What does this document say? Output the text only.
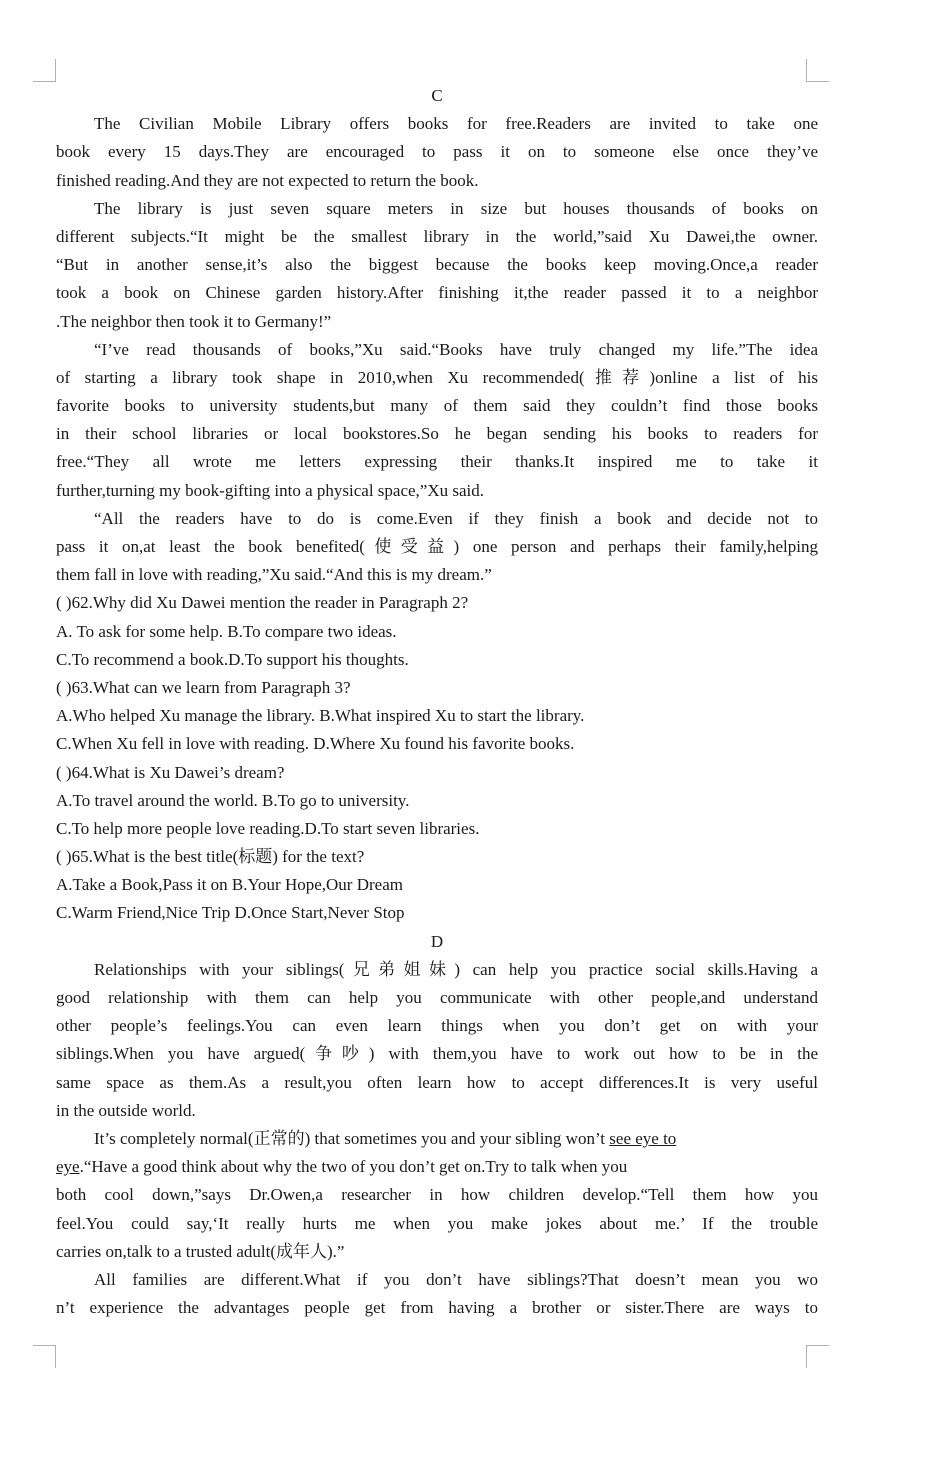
C
The Civilian Mobile Library offers books for free.Readers are invited to take one
book every 15 days.They are encouraged to pass it on to someone else once they’ve
finished reading.And they are not expected to return the book.
The library is just seven square meters in size but houses thousands of books on
different subjects.“It might be the smallest library in the world,”said Xu Dawei,the owner.
“But in another sense,it’s also the biggest because the books keep moving.Once,a reader
took a book on Chinese garden history.After finishing it,the reader passed it to a neighbor
.The neighbor then took it to Germany!”
“I’ve read thousands of books,”Xu said.“Books have truly changed my life.”The idea
of starting a library took shape in 2010,when Xu recommended(推荐)online a list of his
favorite books to university students,but many of them said they couldn’t find those books
in their school libraries or local bookstores.So he began sending his books to readers for
free.“They all wrote me letters expressing their thanks.It inspired me to take it
further,turning my book-gifting into a physical space,”Xu said.
“All the readers have to do is come.Even if they finish a book and decide not to
pass it on,at least the book benefited(使受益) one person and perhaps their family,helping
them fall in love with reading,”Xu said.“And this is my dream.”
( )62.Why did Xu Dawei mention the reader in Paragraph 2?
A. To ask for some help. B.To compare two ideas.
C.To recommend a book.D.To support his thoughts.
( )63.What can we learn from Paragraph 3?
A.Who helped Xu manage the library. B.What inspired Xu to start the library.
C.When Xu fell in love with reading. D.Where Xu found his favorite books.
( )64.What is Xu Dawei’s dream?
A.To travel around the world. B.To go to university.
C.To help more people love reading.D.To start seven libraries.
( )65.What is the best title(标题) for the text?
A.Take a Book,Pass it on B.Your Hope,Our Dream
C.Warm Friend,Nice Trip D.Once Start,Never Stop
D
Relationships with your siblings(兄弟姐妹) can help you practice social skills.Having a
good relationship with them can help you communicate with other people,and understand
other people’s feelings.You can even learn things when you don’t get on with your
siblings.When you have argued(争吵) with them,you have to work out how to be in the
same space as them.As a result,you often learn how to accept differences.It is very useful
in the outside world.
It’s completely normal(正常的) that sometimes you and your sibling won’t see eye to
eye.“Have a good think about why the two of you don’t get on.Try to talk when you
both cool down,”says Dr.Owen,a researcher in how children develop.“Tell them how you
feel.You could say,‘It really hurts me when you make jokes about me.’ If the trouble
carries on,talk to a trusted adult(成年人).”
All families are different.What if you don’t have siblings?That doesn’t mean you wo
n’t experience the advantages people get from having a brother or sister.There are ways to
